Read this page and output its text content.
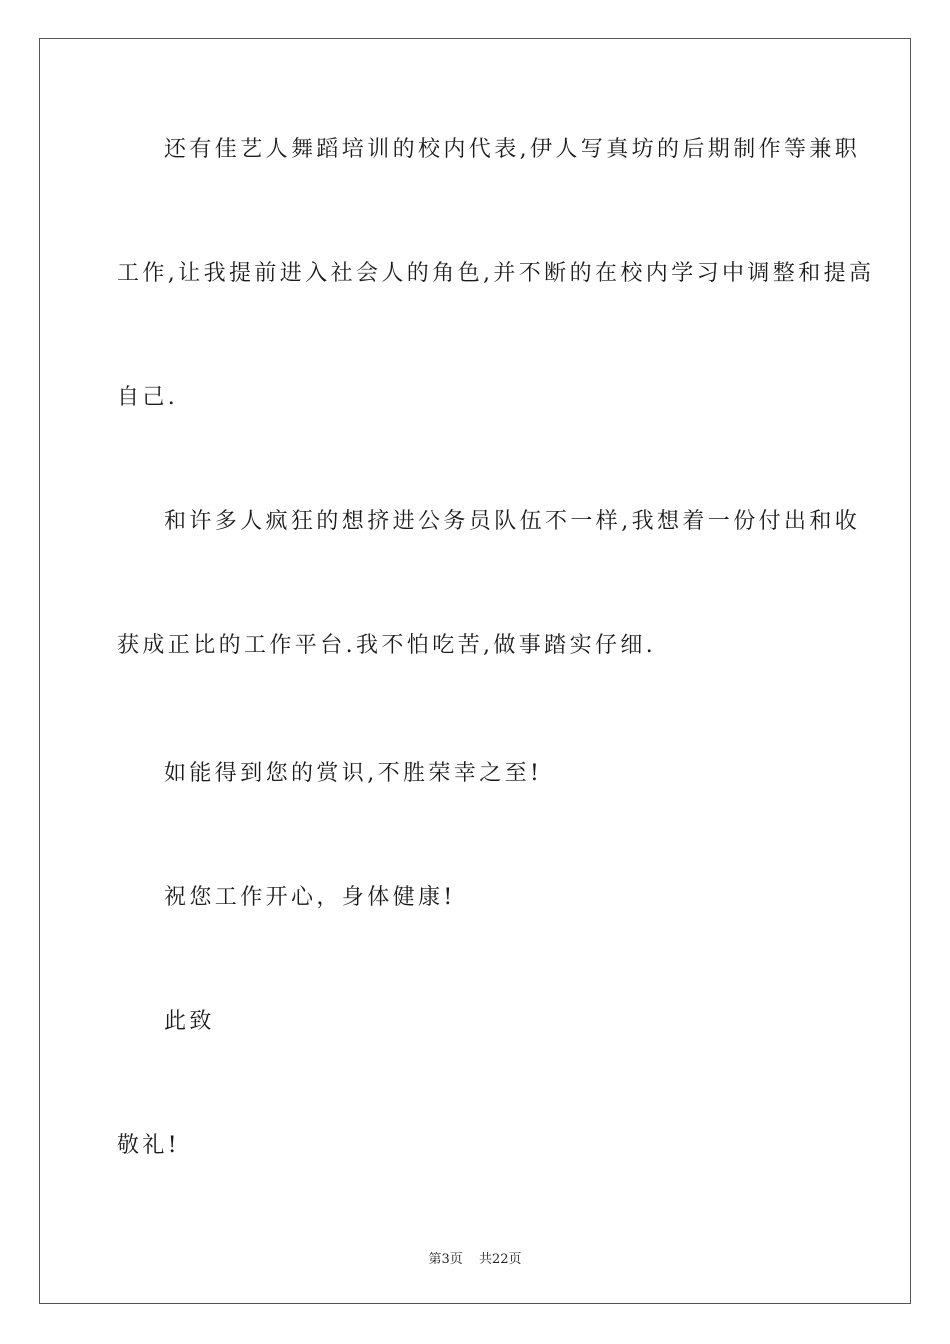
还有佳艺人舞蹈培训的校内代表,伊人写真坊的后期制作等兼职
工作,让我提前进入社会人的角色,并不断的在校内学习中调整和提高
自己.
和许多人疯狂的想挤进公务员队伍不一样,我想着一份付出和收
获成正比的工作平台.我不怕吃苦,做事踏实仔细.
如能得到您的赏识,不胜荣幸之至!
祝您工作开心，身体健康!
此致
敬礼!
第3页 共22页
